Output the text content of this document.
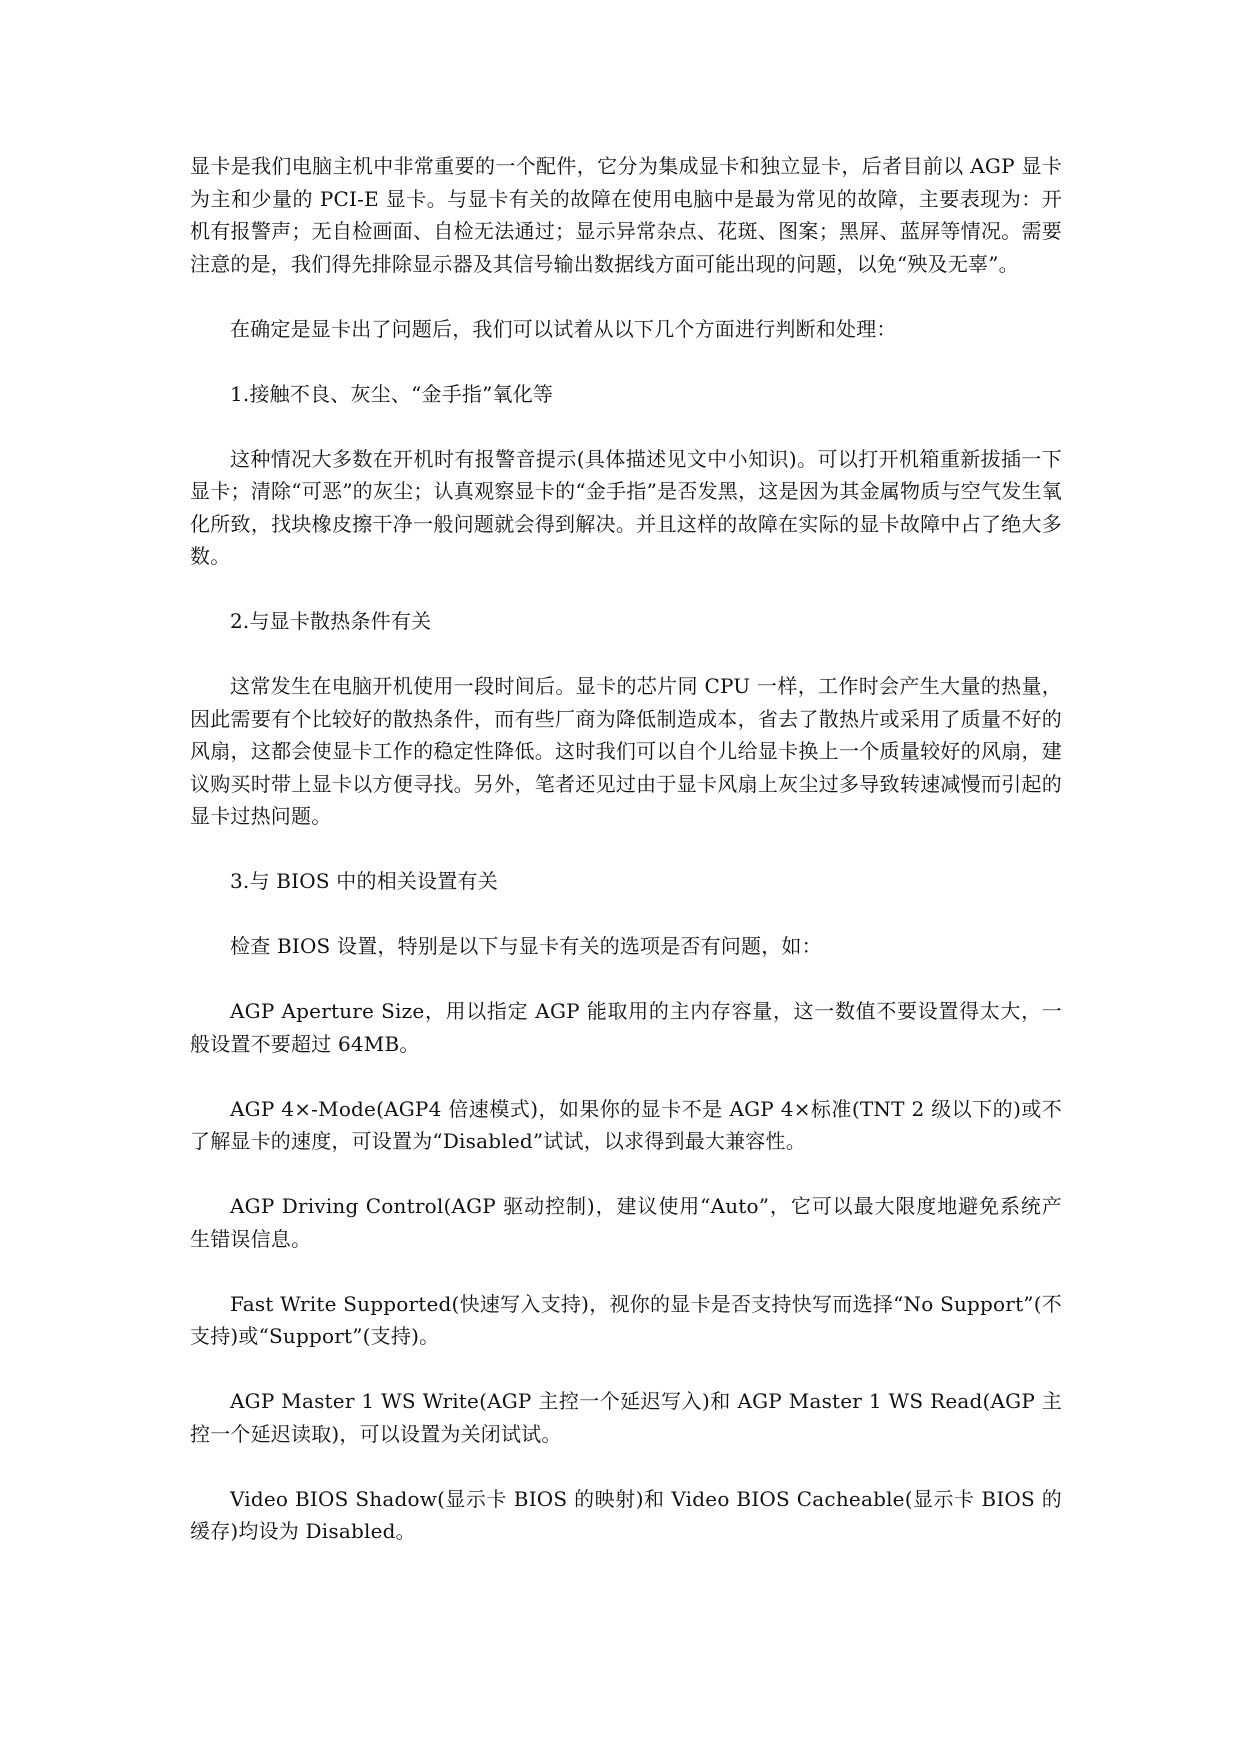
显卡是我们电脑主机中非常重要的一个配件，它分为集成显卡和独立显卡，后者目前以 AGP 显卡为主和少量的 PCI-E 显卡。与显卡有关的故障在使用电脑中是最为常见的故障，主要表现为：开机有报警声；无自检画面、自检无法通过；显示异常杂点、花斑、图案；黑屏、蓝屏等情况。需要注意的是，我们得先排除显示器及其信号输出数据线方面可能出现的问题，以免“殃及无辜”。

在确定是显卡出了问题后，我们可以试着从以下几个方面进行判断和处理：

1.接触不良、灰尘、“金手指”氧化等

这种情况大多数在开机时有报警音提示(具体描述见文中小知识)。可以打开机箱重新拔插一下显卡；清除“可恶”的灰尘；认真观察显卡的“金手指”是否发黑，这是因为其金属物质与空气发生氧化所致，找块橡皮擦干净一般问题就会得到解决。并且这样的故障在实际的显卡故障中占了绝大多数。

2.与显卡散热条件有关

这常发生在电脑开机使用一段时间后。显卡的芯片同 CPU 一样，工作时会产生大量的热量，因此需要有个比较好的散热条件，而有些厂商为降低制造成本，省去了散热片或采用了质量不好的风扇，这都会使显卡工作的稳定性降低。这时我们可以自个儿给显卡换上一个质量较好的风扇，建议购买时带上显卡以方便寻找。另外，笔者还见过由于显卡风扇上灰尘过多导致转速减慢而引起的显卡过热问题。

3.与 BIOS 中的相关设置有关

检查 BIOS 设置，特别是以下与显卡有关的选项是否有问题，如：

AGP Aperture Size，用以指定 AGP 能取用的主内存容量，这一数值不要设置得太大，一般设置不要超过 64MB。

AGP 4×-Mode(AGP4 倍速模式)，如果你的显卡不是 AGP 4×标准(TNT 2 级以下的)或不了解显卡的速度，可设置为“Disabled”试试，以求得到最大兼容性。

AGP Driving Control(AGP 驱动控制)，建议使用“Auto”，它可以最大限度地避免系统产生错误信息。

Fast Write Supported(快速写入支持)，视你的显卡是否支持快写而选择“No Support”(不支持)或“Support”(支持)。

AGP Master 1 WS Write(AGP 主控一个延迟写入)和 AGP Master 1 WS Read(AGP 主控一个延迟读取)，可以设置为关闭试试。

Video BIOS Shadow(显示卡 BIOS 的映射)和 Video BIOS Cacheable(显示卡 BIOS 的缓存)均设为 Disabled。
